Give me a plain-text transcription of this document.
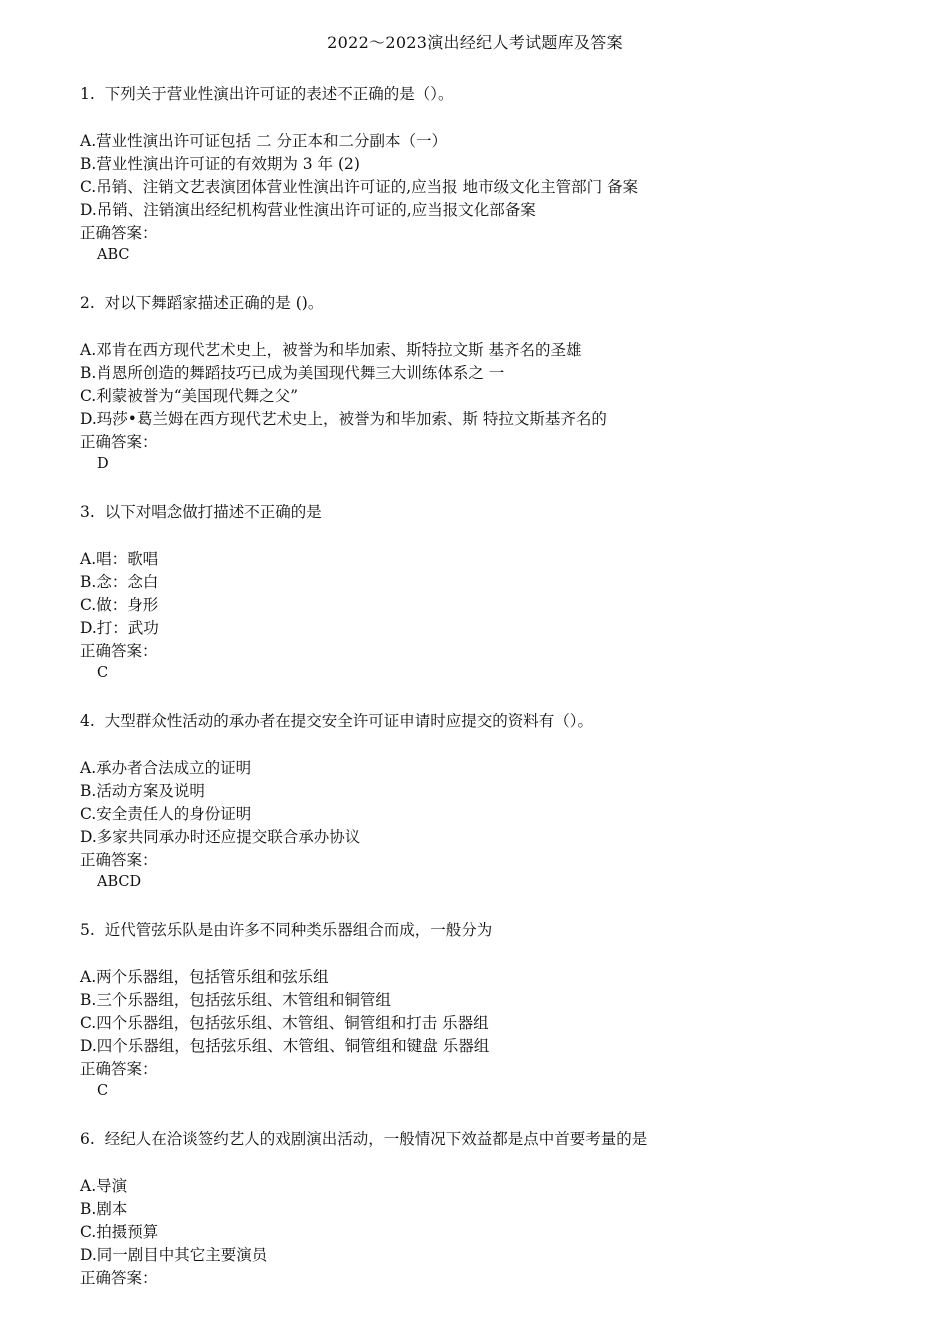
2022～2023演出经纪人考试题库及答案
1. 下列关于营业性演出许可证的表述不正确的是（）。
A.营业性演出许可证包括 二 分正本和二分副本（一）
B.营业性演出许可证的有效期为 3 年 (2)
C.吊销、注销文艺表演团体营业性演出许可证的,应当报 地市级文化主管部门 备案
D.吊销、注销演出经纪机构营业性演出许可证的,应当报文化部备案
正确答案：
ABC
2. 对以下舞蹈家描述正确的是 ()。
A.邓肯在西方现代艺术史上，被誉为和毕加索、斯特拉文斯 基齐名的圣雄
B.肖恩所创造的舞蹈技巧已成为美国现代舞三大训练体系之 一
C.利蒙被誉为“美国现代舞之父”
D.玛莎•葛兰姆在西方现代艺术史上，被誉为和毕加索、斯 特拉文斯基齐名的
正确答案：
D
3. 以下对唱念做打描述不正确的是
A.唱：歌唱
B.念：念白
C.做：身形
D.打：武功
正确答案：
C
4. 大型群众性活动的承办者在提交安全许可证申请时应提交的资料有（）。
A.承办者合法成立的证明
B.活动方案及说明
C.安全责任人的身份证明
D.多家共同承办时还应提交联合承办协议
正确答案：
ABCD
5. 近代管弦乐队是由许多不同种类乐器组合而成，一般分为
A.两个乐器组，包括管乐组和弦乐组
B.三个乐器组，包括弦乐组、木管组和铜管组
C.四个乐器组，包括弦乐组、木管组、铜管组和打击 乐器组
D.四个乐器组，包括弦乐组、木管组、铜管组和键盘 乐器组
正确答案：
C
6. 经纪人在洽谈签约艺人的戏剧演出活动，一般情况下效益都是点中首要考量的是
A.导演
B.剧本
C.拍摄预算
D.同一剧目中其它主要演员
正确答案：
